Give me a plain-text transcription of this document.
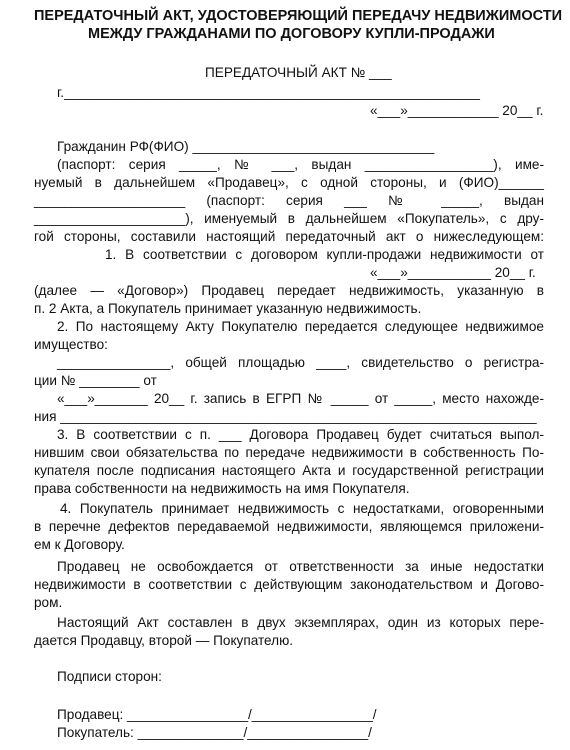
ПЕРЕДАТОЧНЫЙ АКТ, УДОСТОВЕРЯЮЩИЙ ПЕРЕДАЧУ НЕДВИЖИМОСТИ
МЕЖДУ ГРАЖДАНАМИ ПО ДОГОВОРУ КУПЛИ-ПРОДАЖИ
ПЕРЕДАТОЧНЫЙ АКТ № ___
г._______________________________________________________
«___»____________ 20__ г.
Гражданин РФ(ФИО) ________________________________
(паспорт: серия _____, № ___, выдан _________________), име-
нуемый в дальнейшем «Продавец», с одной стороны, и (ФИО)______
____________________ (паспорт: серия ___ № _____, выдан
____________________), именуемый в дальнейшем «Покупатель», с дру-
гой стороны, составили настоящий передаточный акт о нижеследующем:
1. В соответствии с договором купли-продажи недвижимости от
«___»___________ 20__ г.
(далее — «Договор») Продавец передает недвижимость, указанную в
п. 2 Акта, а Покупатель принимает указанную недвижимость.
2. По настоящему Акту Покупателю передается следующее недвижимое
имущество:
_______________, общей площадью ____, свидетельство о регистра-
ции № ________ от
«___»_______ 20__ г. запись в ЕГРП № _____ от _____, место нахожде-
ния _______________________________________________________________
3. В соответствии с п. ___ Договора Продавец будет считаться выпол-
нившим свои обязательства по передаче недвижимости в собственность По-
купателя после подписания настоящего Акта и государственной регистрации
права собственности на недвижимость на имя Покупателя.
4. Покупатель принимает недвижимость с недостатками, оговоренными
в перечне дефектов передаваемой недвижимости, являющемся приложени-
ем к Договору.
Продавец не освобождается от ответственности за иные недостатки
недвижимости в соответствии с действующим законодательством и Догово-
ром.
Настоящий Акт составлен в двух экземплярах, один из которых пере-
дается Продавцу, второй — Покупателю.
Подписи сторон:
Продавец: ________________/________________/
Покупатель: ______________/________________/
